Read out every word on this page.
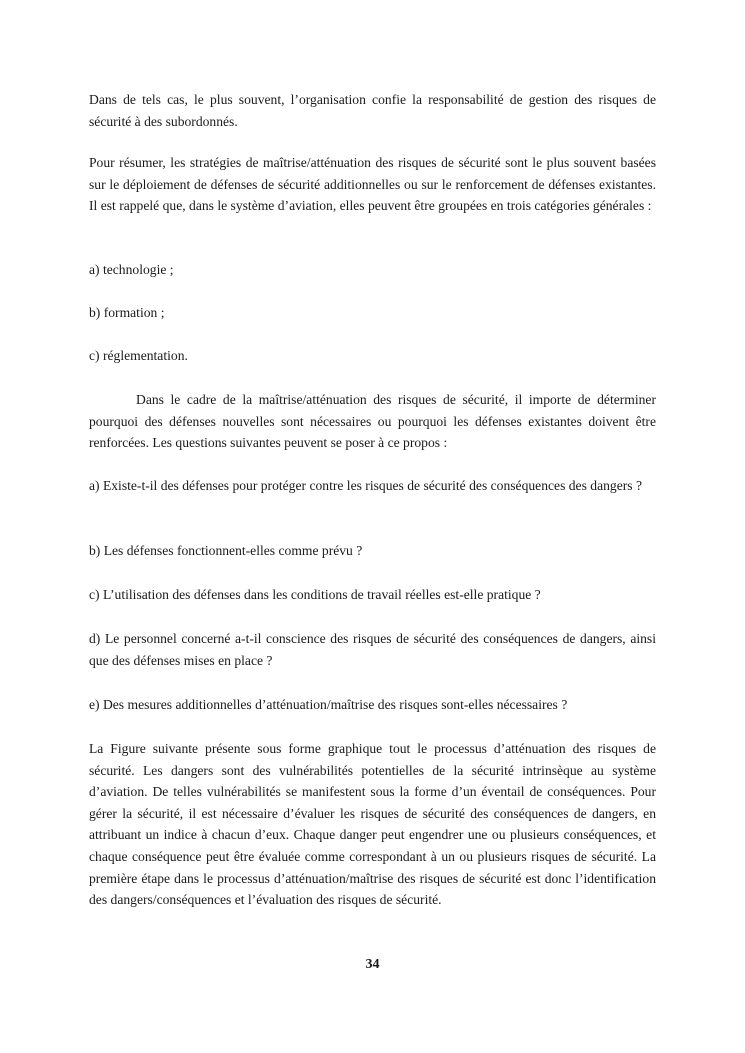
Dans de tels cas, le plus souvent, l’organisation confie la responsabilité de gestion des risques de sécurité à des subordonnés.

Pour résumer, les stratégies de maîtrise/atténuation des risques de sécurité sont le plus souvent basées sur le déploiement de défenses de sécurité additionnelles ou sur le renforcement de défenses existantes. Il est rappelé que, dans le système d’aviation, elles peuvent être groupées en trois catégories générales :

a) technologie ;

b) formation ;

c) réglementation.

Dans le cadre de la maîtrise/atténuation des risques de sécurité, il importe de déterminer pourquoi des défenses nouvelles sont nécessaires ou pourquoi les défenses existantes doivent être renforcées. Les questions suivantes peuvent se poser à ce propos :

a) Existe-t-il des défenses pour protéger contre les risques de sécurité des conséquences des dangers ?

b) Les défenses fonctionnent-elles comme prévu ?

c) L’utilisation des défenses dans les conditions de travail réelles est-elle pratique ?

d) Le personnel concerné a-t-il conscience des risques de sécurité des conséquences de dangers, ainsi que des défenses mises en place ?

e) Des mesures additionnelles d’atténuation/maîtrise des risques sont-elles nécessaires ?

La Figure suivante présente sous forme graphique tout le processus d’atténuation des risques de sécurité. Les dangers sont des vulnérabilités potentielles de la sécurité intrinsèque au système d’aviation. De telles vulnérabilités se manifestent sous la forme d’un éventail de conséquences. Pour gérer la sécurité, il est nécessaire d’évaluer les risques de sécurité des conséquences de dangers, en attribuant un indice à chacun d’eux. Chaque danger peut engendrer une ou plusieurs conséquences, et chaque conséquence peut être évaluée comme correspondant à un ou plusieurs risques de sécurité. La première étape dans le processus d’atténuation/maîtrise des risques de sécurité est donc l’identification des dangers/conséquences et l’évaluation des risques de sécurité.

34
